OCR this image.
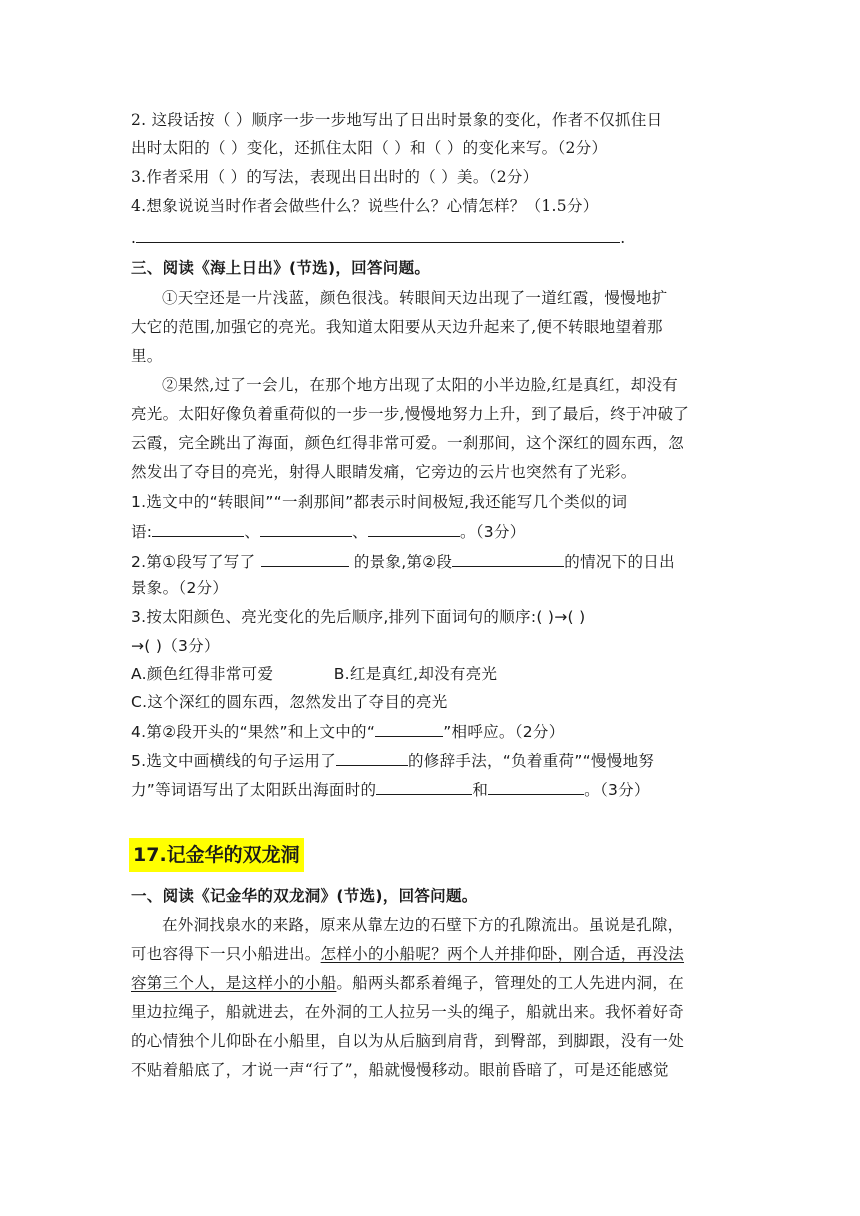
2. 这段话按（ ）顺序一步一步地写出了日出时景象的变化，作者不仅抓住日
出时太阳的（ ）变化，还抓住太阳（ ）和（ ）的变化来写。（2分）
3.作者采用（ ）的写法，表现出日出时的（ ）美。（2分）
4.想象说说当时作者会做些什么？说些什么？心情怎样？（1.5分）
.	.
三、阅读《海上日出》(节选)，回答问题。
①天空还是一片浅蓝，颜色很浅。转眼间天边出现了一道红霞，慢慢地扩
大它的范围,加强它的亮光。我知道太阳要从天边升起来了,便不转眼地望着那
里。
②果然,过了一会儿，在那个地方出现了太阳的小半边脸,红是真红，却没有
亮光。太阳好像负着重荷似的一步一步,慢慢地努力上升，到了最后，终于冲破了
云霞，完全跳出了海面，颜色红得非常可爱。一刹那间，这个深红的圆东西，忽
然发出了夺目的亮光，射得人眼睛发痛，它旁边的云片也突然有了光彩。
1.选文中的“转眼间”“一刹那间”都表示时间极短,我还能写几个类似的词
语:	、	、	。（3分）
2.第①段写了写了	的景象,第②段	的情况下的日出
景象。（2分）
3.按太阳颜色、亮光变化的先后顺序,排列下面词句的顺序:( )→( )
→( )（3分）
A.颜色红得非常可爱	B.红是真红,却没有亮光
C.这个深红的圆东西，忽然发出了夺目的亮光
4.第②段开头的“果然”和上文中的“	”相呼应。（2分）
5.选文中画横线的句子运用了	的修辞手法，“负着重荷”“慢慢地努
力”等词语写出了太阳跃出海面时的	和	。（3分）
17.记金华的双龙洞
一、阅读《记金华的双龙洞》(节选)，回答问题。
在外洞找泉水的来路，原来从靠左边的石壁下方的孔隙流出。虽说是孔隙，
可也容得下一只小船进出。怎样小的小船呢？两个人并排仰卧，刚合适，再没法
容第三个人，是这样小的小船。船两头都系着绳子，管理处的工人先进内洞，在
里边拉绳子，船就进去，在外洞的工人拉另一头的绳子，船就出来。我怀着好奇
的心情独个儿仰卧在小船里，自以为从后脑到肩背，到臀部，到脚跟，没有一处
不贴着船底了，才说一声“行了”，船就慢慢移动。眼前昏暗了，可是还能感觉
